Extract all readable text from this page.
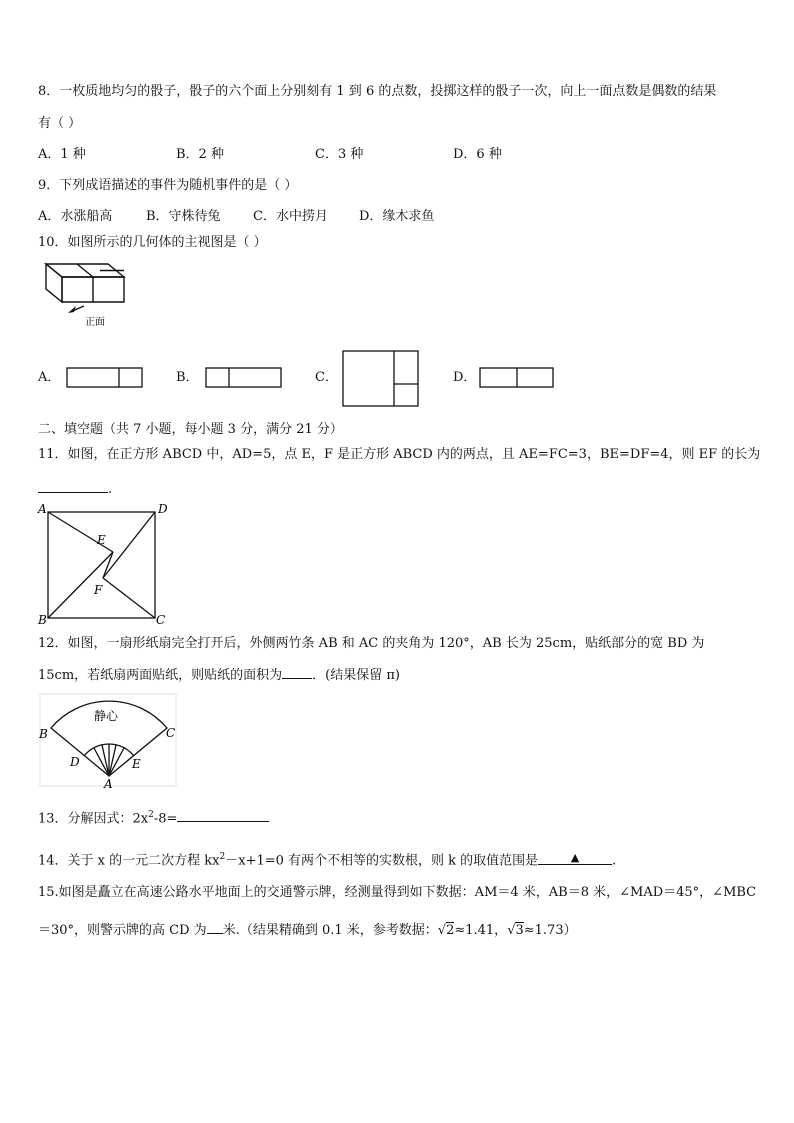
8．一枚质地均匀的骰子，骰子的六个面上分别刻有 1 到 6 的点数，投掷这样的骰子一次，向上一面点数是偶数的结果
有（ ）
A．1 种	B．2 种	C．3 种	D．6 种
9．下列成语描述的事件为随机事件的是（ ）
A．水涨船高	B．守株待兔 C．水中捞月 D．缘木求鱼
10．如图所示的几何体的主视图是（ ）
正面
A．	B．	C．	D．
二、填空题（共 7 小题，每小题 3 分，满分 21 分）
11．如图，在正方形 ABCD 中，AD=5，点 E，F 是正方形 ABCD 内的两点，且 AE=FC=3，BE=DF=4，则 EF 的长为
.
A	D
B	C
E
F
12．如图，一扇形纸扇完全打开后，外侧两竹条 AB 和 AC 的夹角为 120°，AB 长为 25cm，贴纸部分的宽 BD 为
15cm，若纸扇两面贴纸，则贴纸的面积为 ．(结果保留 π)
静心
B	C
D	E
A
13．分解因式：$2x^2-8=$
14．关于 x 的一元二次方程 $kx^2-x+1=0$ 有两个不相等的实数根，则 k 的取值范围是	▲	.
15.如图是矗立在高速公路水平地面上的交通警示牌，经测量得到如下数据：AM＝4 米，AB＝8 米，∠MAD＝45°，∠MBC
＝30°，则警示牌的高 CD 为 米.（结果精确到 0.1 米，参考数据：√2≈1.41，√3≈1.73）
